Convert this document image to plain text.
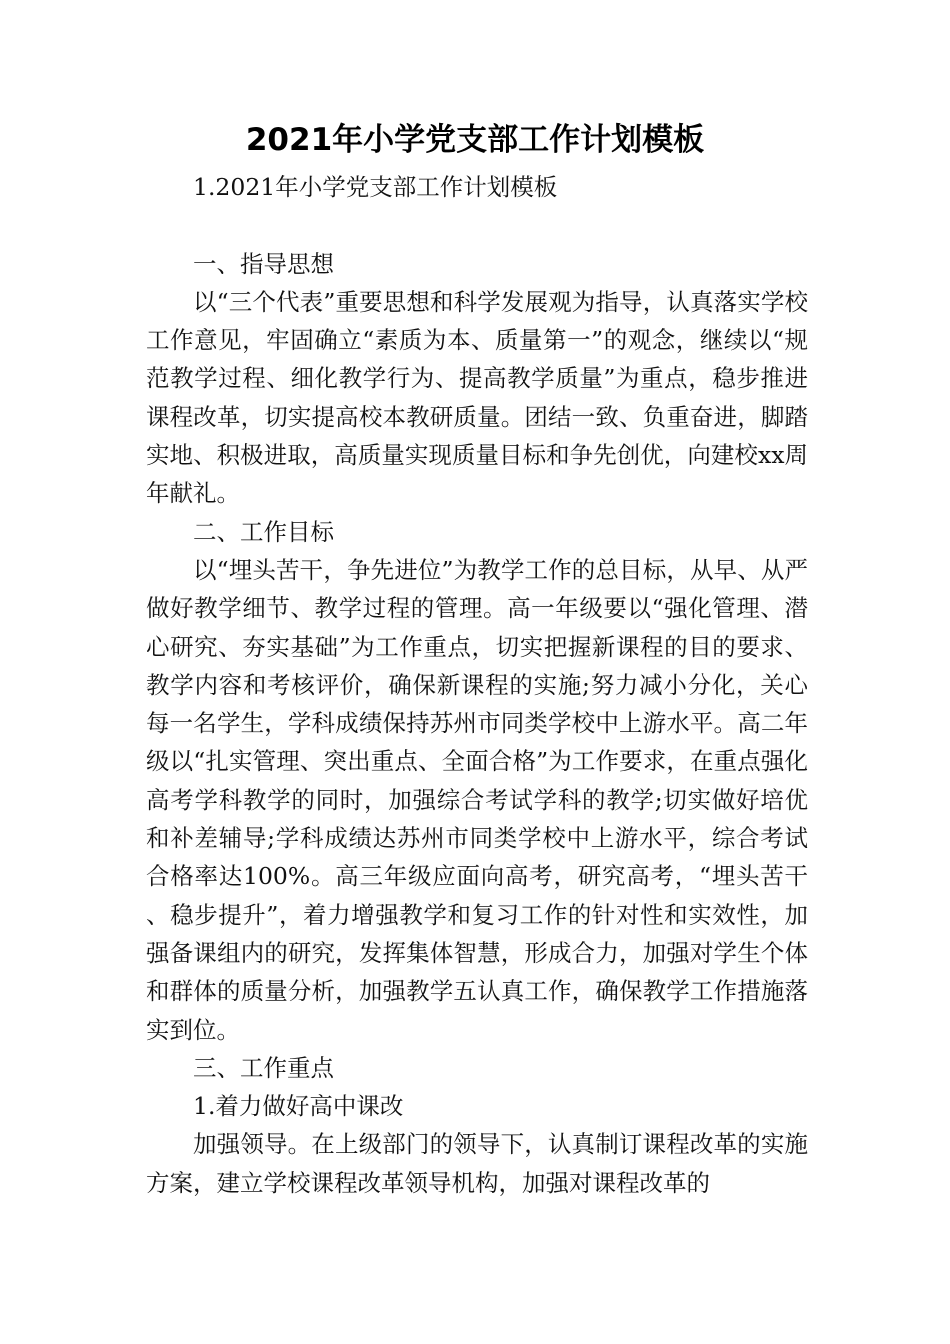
2021年小学党支部工作计划模板

1.2021年小学党支部工作计划模板

一、指导思想

以“三个代表”重要思想和科学发展观为指导，认真落实学校工作意见，牢固确立“素质为本、质量第一”的观念，继续以“规范教学过程、细化教学行为、提高教学质量”为重点，稳步推进课程改革，切实提高校本教研质量。团结一致、负重奋进，脚踏实地、积极进取，高质量实现质量目标和争先创优，向建校xx周年献礼。

二、工作目标

以“埋头苦干，争先进位”为教学工作的总目标，从早、从严做好教学细节、教学过程的管理。高一年级要以“强化管理、潜心研究、夯实基础”为工作重点，切实把握新课程的目的要求、教学内容和考核评价，确保新课程的实施;努力减小分化，关心每一名学生，学科成绩保持苏州市同类学校中上游水平。高二年级以“扎实管理、突出重点、全面合格”为工作要求，在重点强化高考学科教学的同时，加强综合考试学科的教学;切实做好培优和补差辅导;学科成绩达苏州市同类学校中上游水平，综合考试合格率达100%。高三年级应面向高考，研究高考，“埋头苦干、稳步提升”，着力增强教学和复习工作的针对性和实效性，加强备课组内的研究，发挥集体智慧，形成合力，加强对学生个体和群体的质量分析，加强教学五认真工作，确保教学工作措施落实到位。

三、工作重点

1.着力做好高中课改

加强领导。在上级部门的领导下，认真制订课程改革的实施方案，建立学校课程改革领导机构，加强对课程改革的
